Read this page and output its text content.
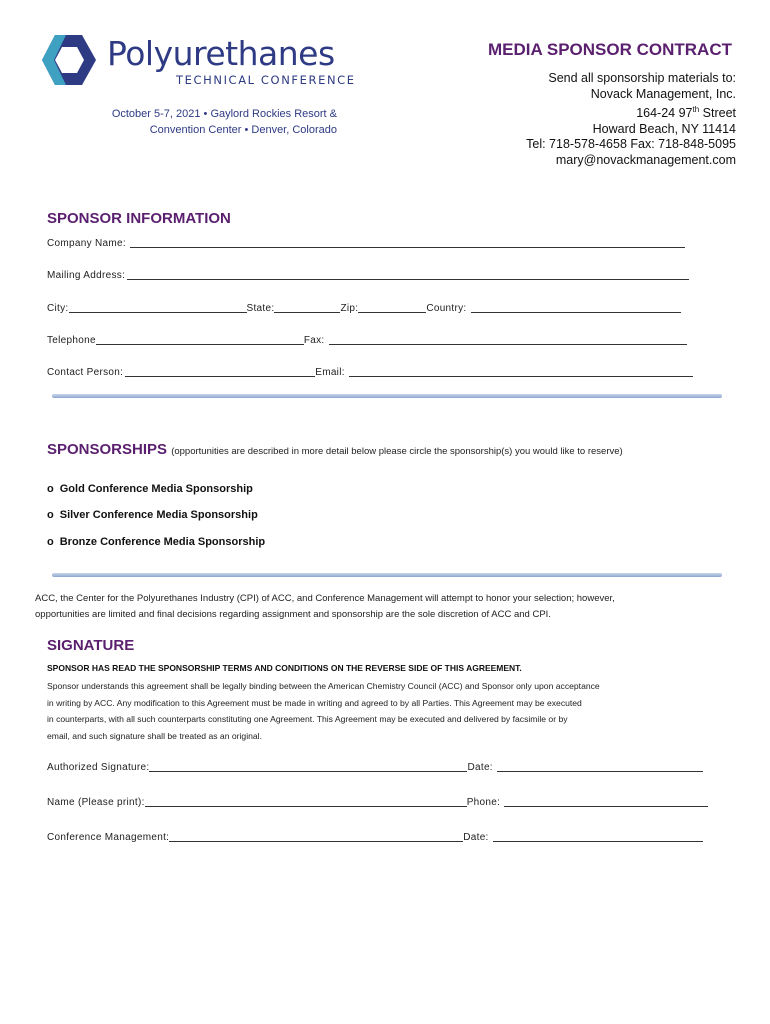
Polyurethanes
TECHNICAL CONFERENCE
October 5-7, 2021 • Gaylord Rockies Resort &
Convention Center • Denver, Colorado
MEDIA SPONSOR CONTRACT
Send all sponsorship materials to:
Novack Management, Inc.
164-24 97th Street
Howard Beach, NY 11414
Tel: 718-578-4658 Fax: 718-848-5095
mary@novackmanagement.com
SPONSOR INFORMATION
Company Name:
Mailing Address:
City:	State:	Zip:	Country:
Telephone	Fax:
Contact Person:	Email:
SPONSORSHIPS (opportunities are described in more detail below please circle the sponsorship(s) you would like to reserve)
o Gold Conference Media Sponsorship
o Silver Conference Media Sponsorship
o Bronze Conference Media Sponsorship
ACC, the Center for the Polyurethanes Industry (CPI) of ACC, and Conference Management will attempt to honor your selection; however,
opportunities are limited and final decisions regarding assignment and sponsorship are the sole discretion of ACC and CPI.
SIGNATURE
SPONSOR HAS READ THE SPONSORSHIP TERMS AND CONDITIONS ON THE REVERSE SIDE OF THIS AGREEMENT.
Sponsor understands this agreement shall be legally binding between the American Chemistry Council (ACC) and Sponsor only upon acceptance
in writing by ACC. Any modification to this Agreement must be made in writing and agreed to by all Parties. This Agreement may be executed
in counterparts, with all such counterparts constituting one Agreement. This Agreement may be executed and delivered by facsimile or by
email, and such signature shall be treated as an original.
Authorized Signature:	Date:
Name (Please print):	Phone:
Conference Management:	Date:
